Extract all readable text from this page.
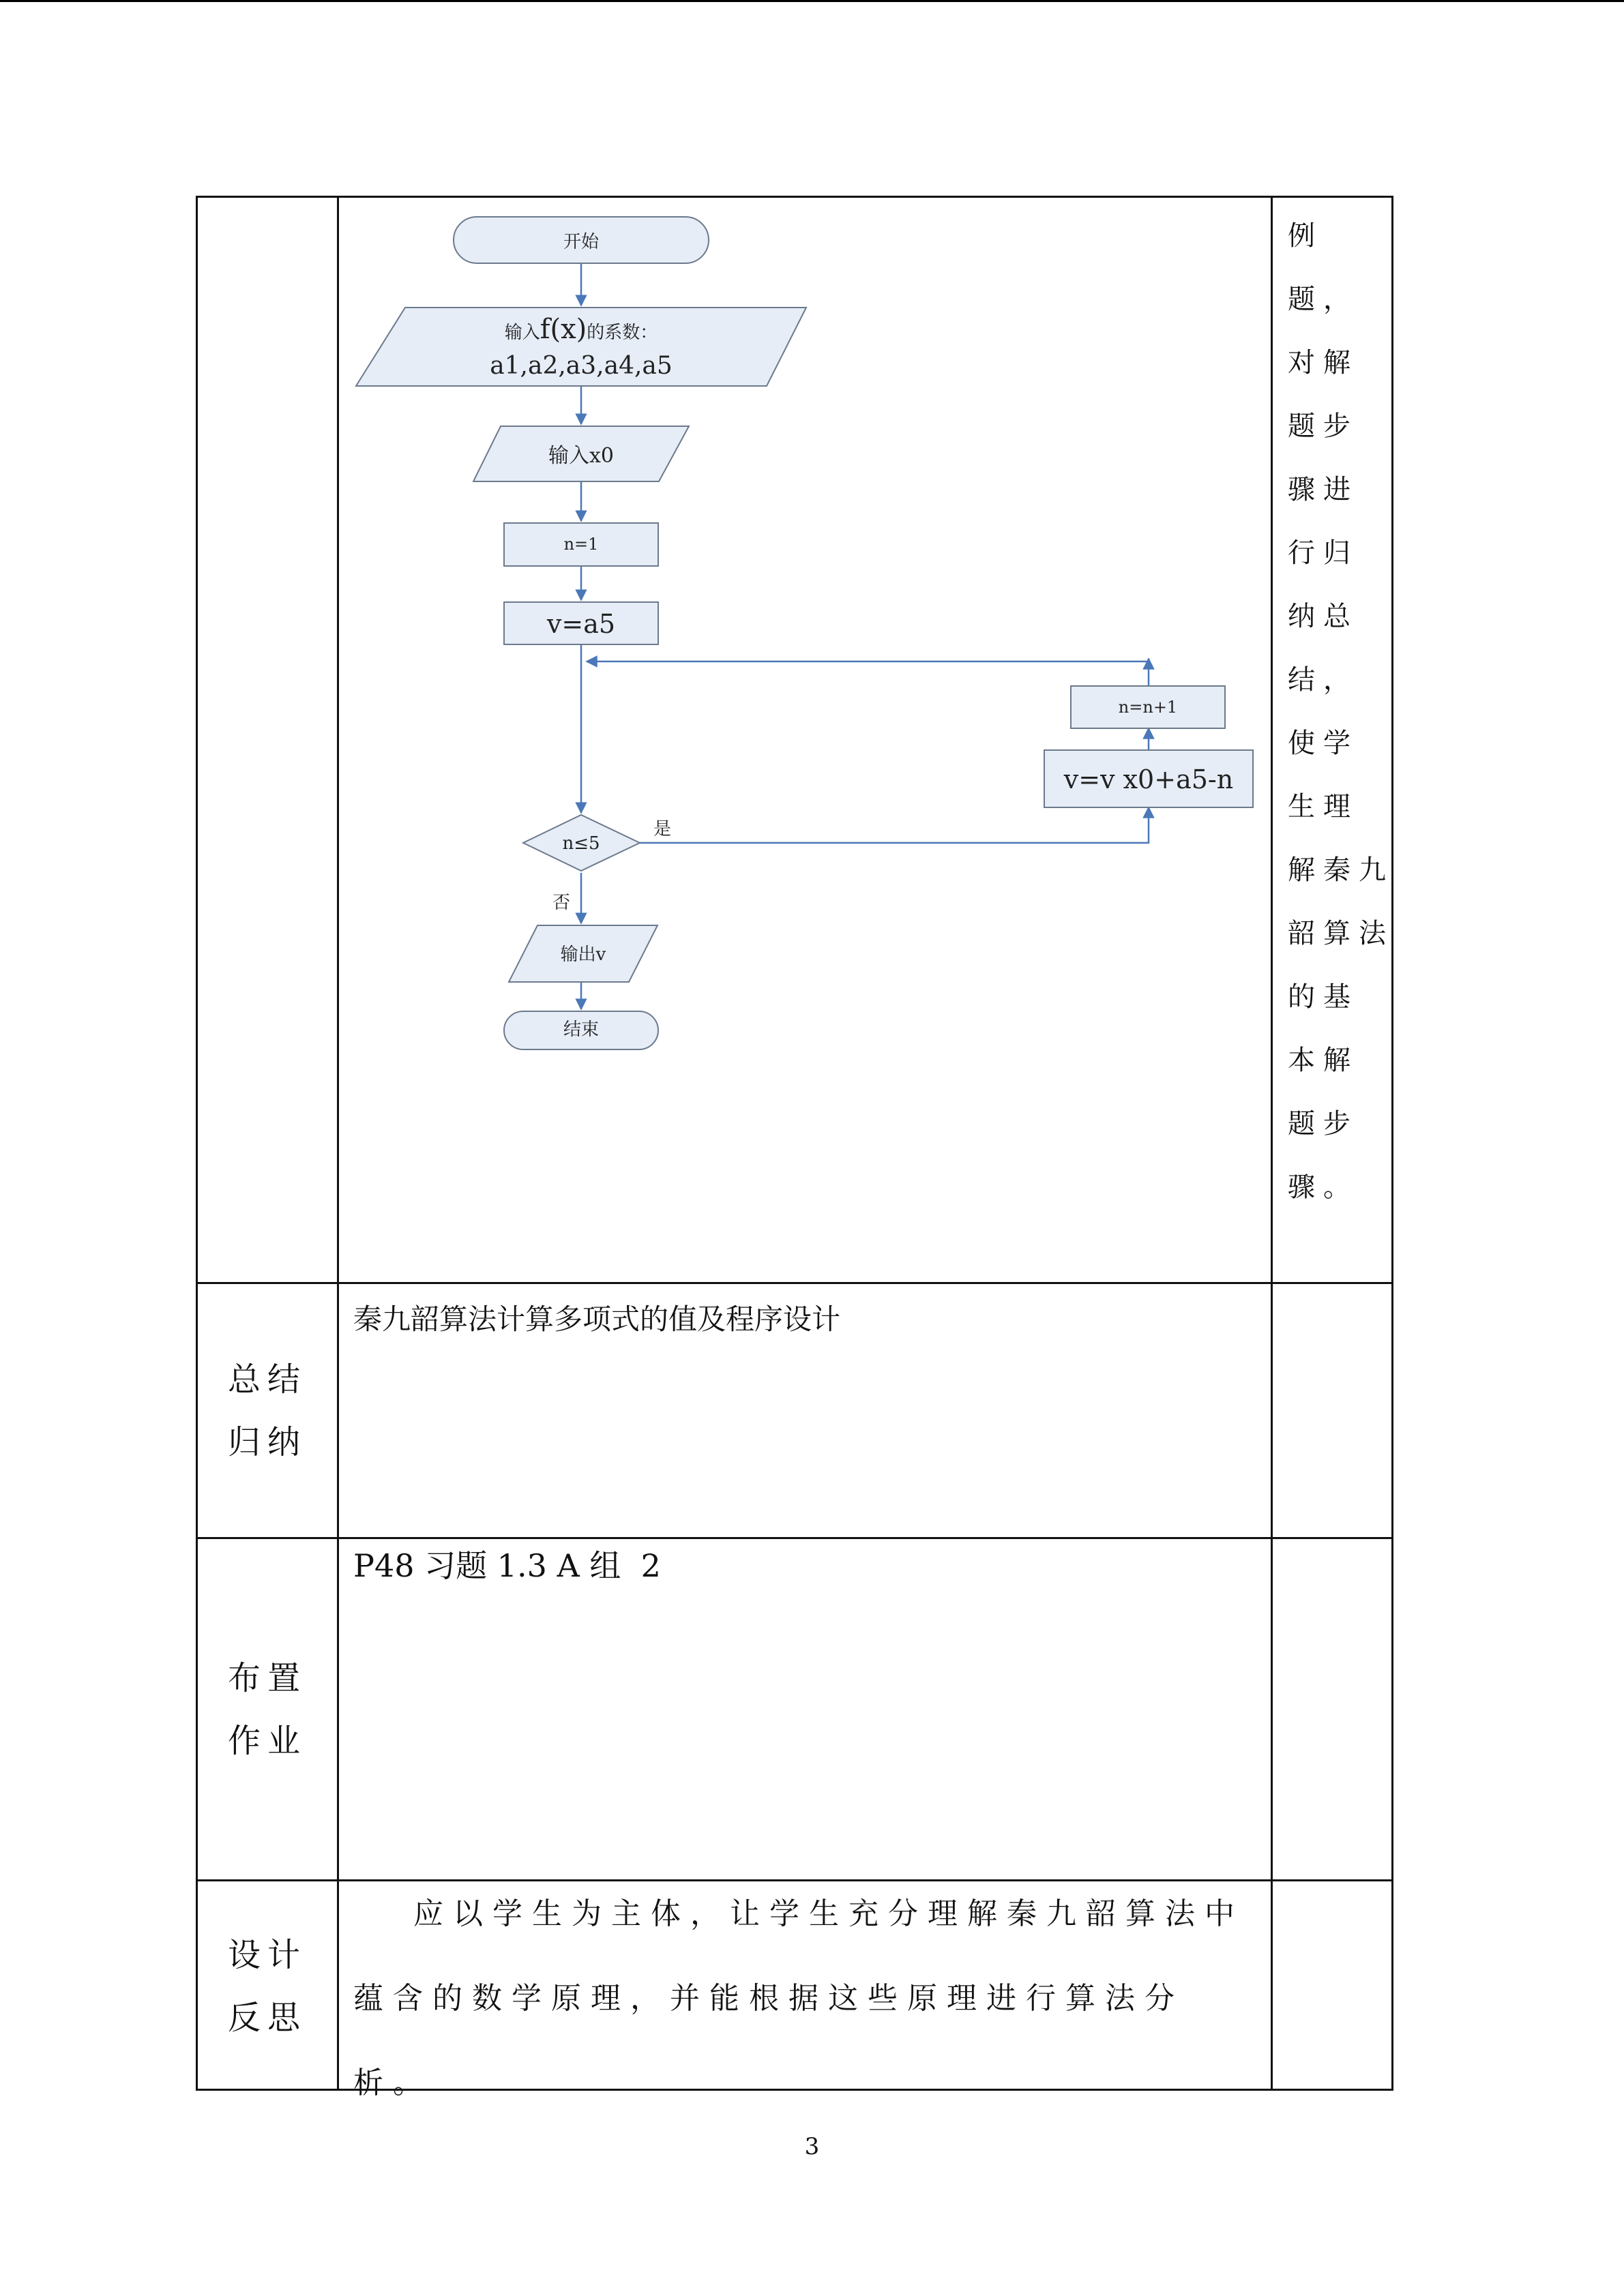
开始
输入f(x)的系数：
a1,a2,a3,a4,a5
输入x0
n=1
v=a5
n=n+1
v=v x0+a5-n
n≤5
是
否
输出v
结束
例
题，
对解
题步
骤进
行归
纳总
结，
使学
生理
解秦九
韶算法
的基
本解
题步
骤。
总结
归纳
秦九韶算法计算多项式的值及程序设计
布置
作业
P48 习题 1.3 A 组  2
设计
反思
应以学生为主体，让学生充分理解秦九韶算法中蕴含的数学原理，并能根据这些原理进行算法分析。
3
